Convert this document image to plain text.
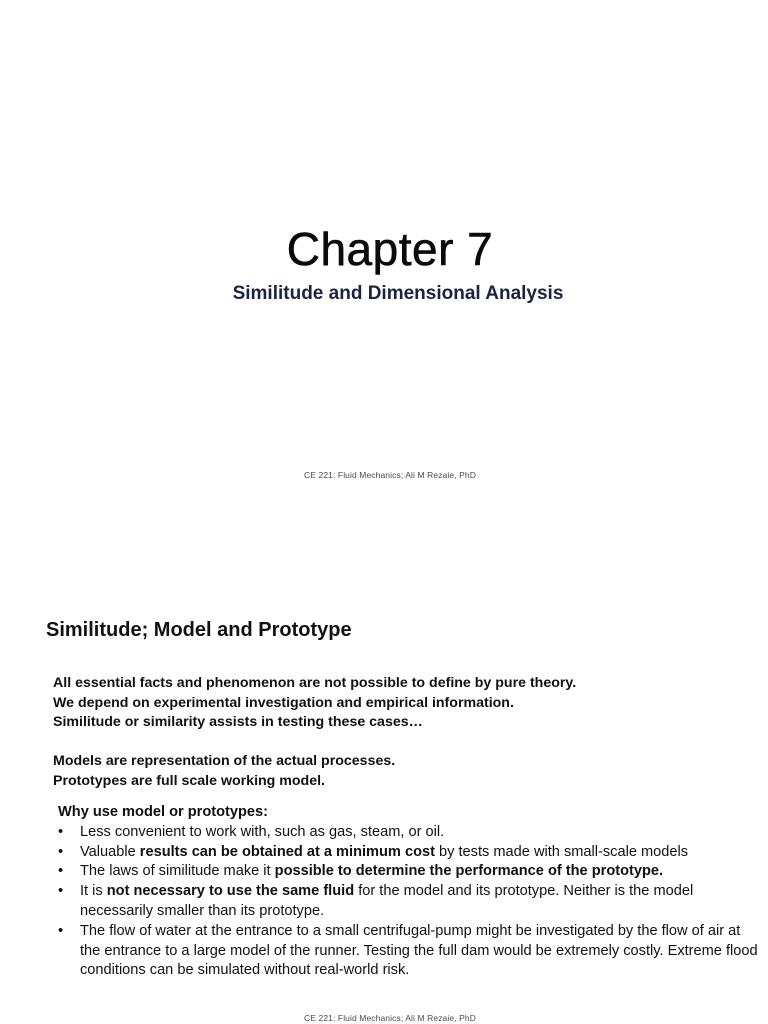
Chapter 7
Similitude and Dimensional Analysis
CE 221: Fluid Mechanics; Ali M Rezaie, PhD
Similitude; Model and Prototype
All essential facts and phenomenon are not possible to define by pure theory.
We depend on experimental investigation and empirical information.
Similitude or similarity assists in testing these cases…
Models are representation of the actual processes.
Prototypes are full scale working model.
Why use model or prototypes:
• Less convenient to work with, such as gas, steam, or oil.
• Valuable results can be obtained at a minimum cost by tests made with small-scale models
• The laws of similitude make it possible to determine the performance of the prototype.
• It is not necessary to use the same fluid for the model and its prototype. Neither is the model necessarily smaller than its prototype.
• The flow of water at the entrance to a small centrifugal-pump might be investigated by the flow of air at the entrance to a large model of the runner. Testing the full dam would be extremely costly. Extreme flood conditions can be simulated without real-world risk.
CE 221: Fluid Mechanics; Ali M Rezaie, PhD
